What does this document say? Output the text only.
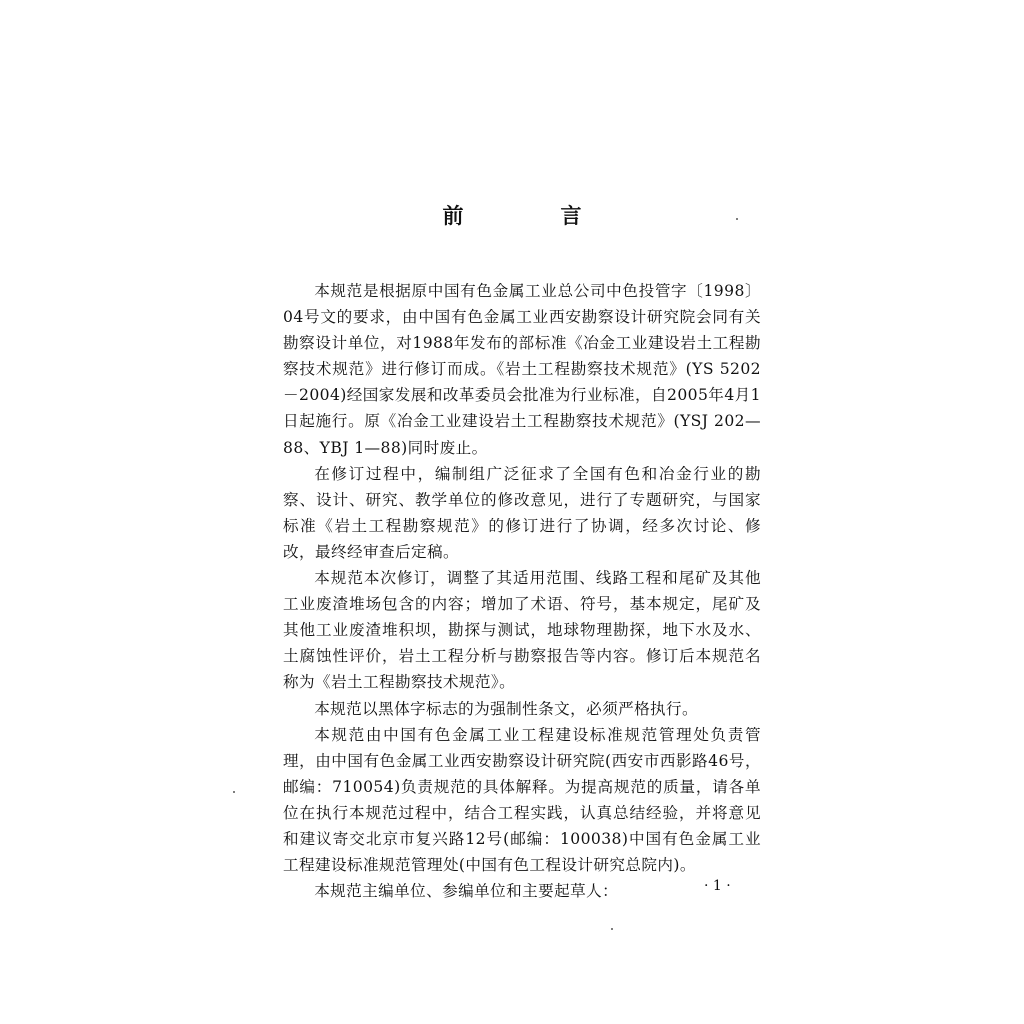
前　言

本规范是根据原中国有色金属工业总公司中色投管字〔1998〕04号文的要求，由中国有色金属工业西安勘察设计研究院会同有关勘察设计单位，对1988年发布的部标准《冶金工业建设岩土工程勘察技术规范》进行修订而成。《岩土工程勘察技术规范》(YS 5202－2004)经国家发展和改革委员会批准为行业标准，自2005年4月1日起施行。原《冶金工业建设岩土工程勘察技术规范》(YSJ 202—88、YBJ 1—88)同时废止。

在修订过程中，编制组广泛征求了全国有色和冶金行业的勘察、设计、研究、教学单位的修改意见，进行了专题研究，与国家标准《岩土工程勘察规范》的修订进行了协调，经多次讨论、修改，最终经审查后定稿。

本规范本次修订，调整了其适用范围、线路工程和尾矿及其他工业废渣堆场包含的内容；增加了术语、符号，基本规定，尾矿及其他工业废渣堆积坝，勘探与测试，地球物理勘探，地下水及水、土腐蚀性评价，岩土工程分析与勘察报告等内容。修订后本规范名称为《岩土工程勘察技术规范》。

本规范以黑体字标志的为强制性条文，必须严格执行。

本规范由中国有色金属工业工程建设标准规范管理处负责管理，由中国有色金属工业西安勘察设计研究院(西安市西影路46号，邮编：710054)负责规范的具体解释。为提高规范的质量，请各单位在执行本规范过程中，结合工程实践，认真总结经验，并将意见和建议寄交北京市复兴路12号(邮编：100038)中国有色金属工业工程建设标准规范管理处(中国有色工程设计研究总院内)。

本规范主编单位、参编单位和主要起草人：	· 1 ·
